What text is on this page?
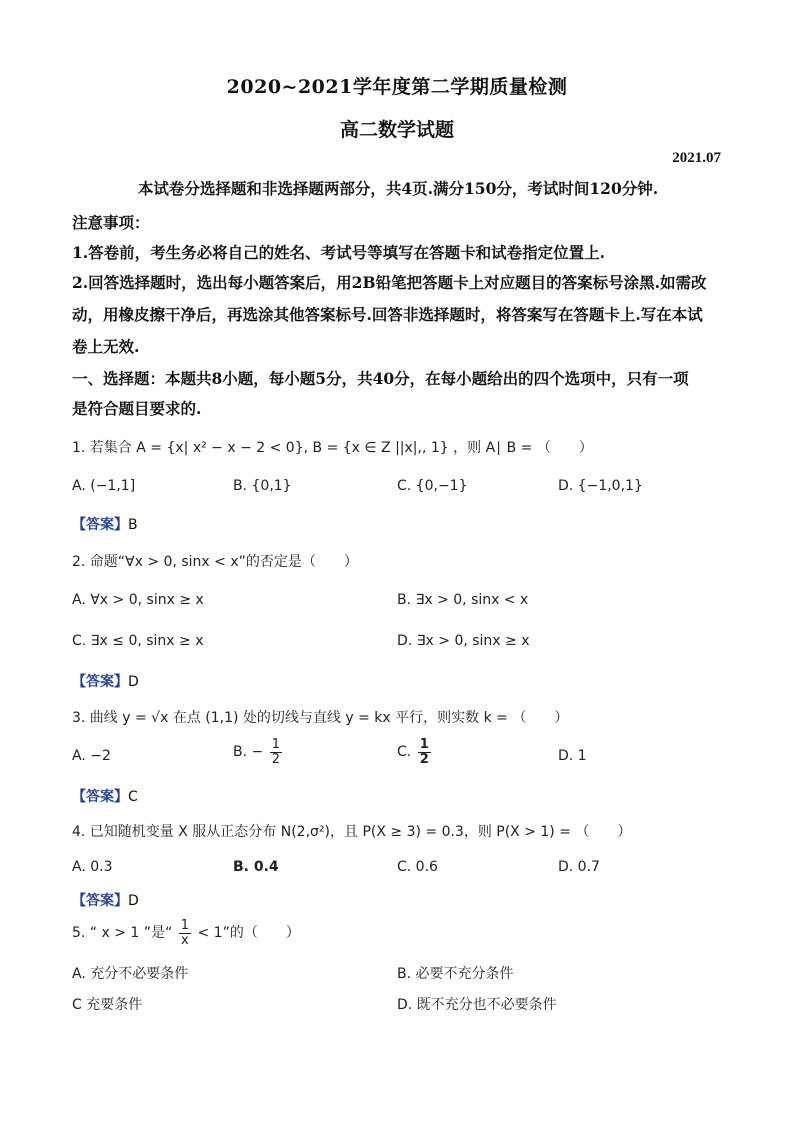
2020~2021学年度第二学期质量检测
高二数学试题
2021.07
本试卷分选择题和非选择题两部分，共4页.满分150分，考试时间120分钟.
注意事项：
1.答卷前，考生务必将自己的姓名、考试号等填写在答题卡和试卷指定位置上.
2.回答选择题时，选出每小题答案后，用2B铅笔把答题卡上对应题目的答案标号涂黑.如需改
动，用橡皮擦干净后，再选涂其他答案标号.回答非选择题时，将答案写在答题卡上.写在本试
卷上无效.
一、选择题：本题共8小题，每小题5分，共40分，在每小题给出的四个选项中，只有一项
是符合题目要求的.
1. 若集合 A = {x| x² − x − 2 < 0}, B = {x ∈ Z ||x|,, 1} ，则 A∣ B = （　　）
A. (−1,1]	B. {0,1}	C. {0,−1}	D. {−1,0,1}
【答案】B
2. 命题“∀x > 0, sinx < x”的否定是（　　）
A. ∀x > 0, sinx ≥ x	B. ∃x > 0, sinx < x
C. ∃x ≤ 0, sinx ≥ x	D. ∃x > 0, sinx ≥ x
【答案】D
3. 曲线 y = √x 在点 (1,1) 处的切线与直线 y = kx 平行，则实数 k = （　　）
A. −2	B. − $\frac{1}{2}$	C. $\frac{1}{2}$	D. 1
【答案】C
4. 已知随机变量 X 服从正态分布 N(2,σ²)，且 P(X ≥ 3) = 0.3，则 P(X > 1) = （　　）
A. 0.3	B. 0.4	C. 0.6	D. 0.7
【答案】D
5. “ x > 1 ”是“ $\frac{1}{x} < 1$”的（　　）
A. 充分不必要条件	B. 必要不充分条件
C 充要条件	D. 既不充分也不必要条件
